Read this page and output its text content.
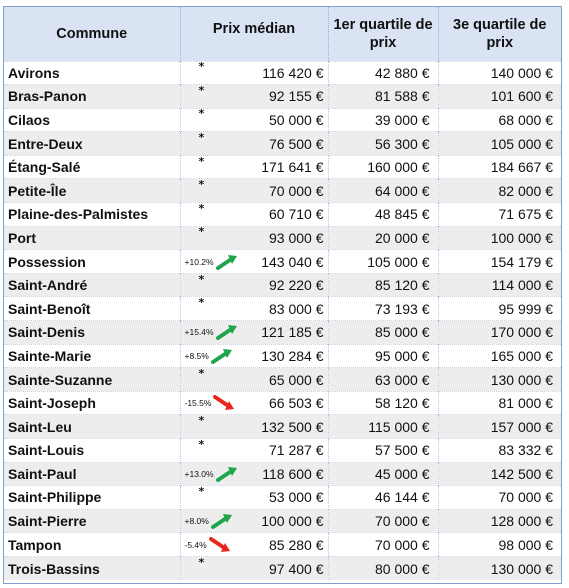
Commune	Prix médian	1er quartile de prix	3e quartile de prix
Avirons	* 116 420 €	42 880 €	140 000 €
Bras-Panon	* 92 155 €	81 588 €	101 600 €
Cilaos	* 50 000 €	39 000 €	68 000 €
Entre-Deux	* 76 500 €	56 300 €	105 000 €
Étang-Salé	* 171 641 €	160 000 €	184 667 €
Petite-Île	* 70 000 €	64 000 €	82 000 €
Plaine-des-Palmistes	* 60 710 €	48 845 €	71 675 €
Port	* 93 000 €	20 000 €	100 000 €
Possession	+10.2% 143 040 €	105 000 €	154 179 €
Saint-André	* 92 220 €	85 120 €	114 000 €
Saint-Benoît	* 83 000 €	73 193 €	95 999 €
Saint-Denis	+15.4% 121 185 €	85 000 €	170 000 €
Sainte-Marie	+8.5% 130 284 €	95 000 €	165 000 €
Sainte-Suzanne	* 65 000 €	63 000 €	130 000 €
Saint-Joseph	-15.5% 66 503 €	58 120 €	81 000 €
Saint-Leu	* 132 500 €	115 000 €	157 000 €
Saint-Louis	* 71 287 €	57 500 €	83 332 €
Saint-Paul	+13.0% 118 600 €	45 000 €	142 500 €
Saint-Philippe	* 53 000 €	46 144 €	70 000 €
Saint-Pierre	+8.0% 100 000 €	70 000 €	128 000 €
Tampon	-5.4% 85 280 €	70 000 €	98 000 €
Trois-Bassins	* 97 400 €	80 000 €	130 000 €
